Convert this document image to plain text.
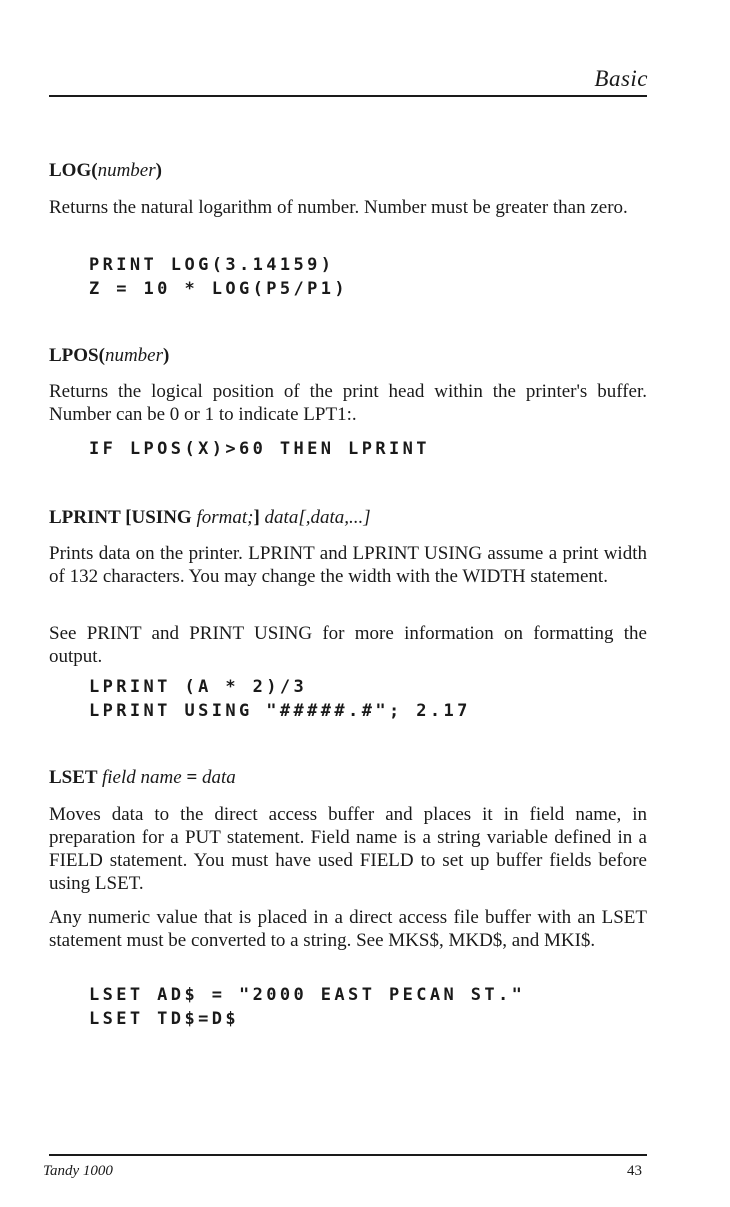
Basic
LOG(number)

Returns the natural logarithm of number. Number must be greater than zero.

PRINT LOG(3.14159)
Z = 10 * LOG(P5/P1)
LPOS(number)

Returns the logical position of the print head within the printer's buffer. Number can be 0 or 1 to indicate LPT1:.

IF LPOS(X)>60 THEN LPRINT
LPRINT [USING format;] data[,data,...]

Prints data on the printer. LPRINT and LPRINT USING assume a print width of 132 characters. You may change the width with the WIDTH statement.

See PRINT and PRINT USING for more information on formatting the output.

LPRINT (A * 2)/3
LPRINT USING "#####.#"; 2.17
LSET field name = data

Moves data to the direct access buffer and places it in field name, in preparation for a PUT statement. Field name is a string variable defined in a FIELD statement. You must have used FIELD to set up buffer fields before using LSET.

Any numeric value that is placed in a direct access file buffer with an LSET statement must be converted to a string. See MKS$, MKD$, and MKI$.

LSET AD$ = "2000 EAST PECAN ST."
LSET TD$=D$
Tandy 1000	43
